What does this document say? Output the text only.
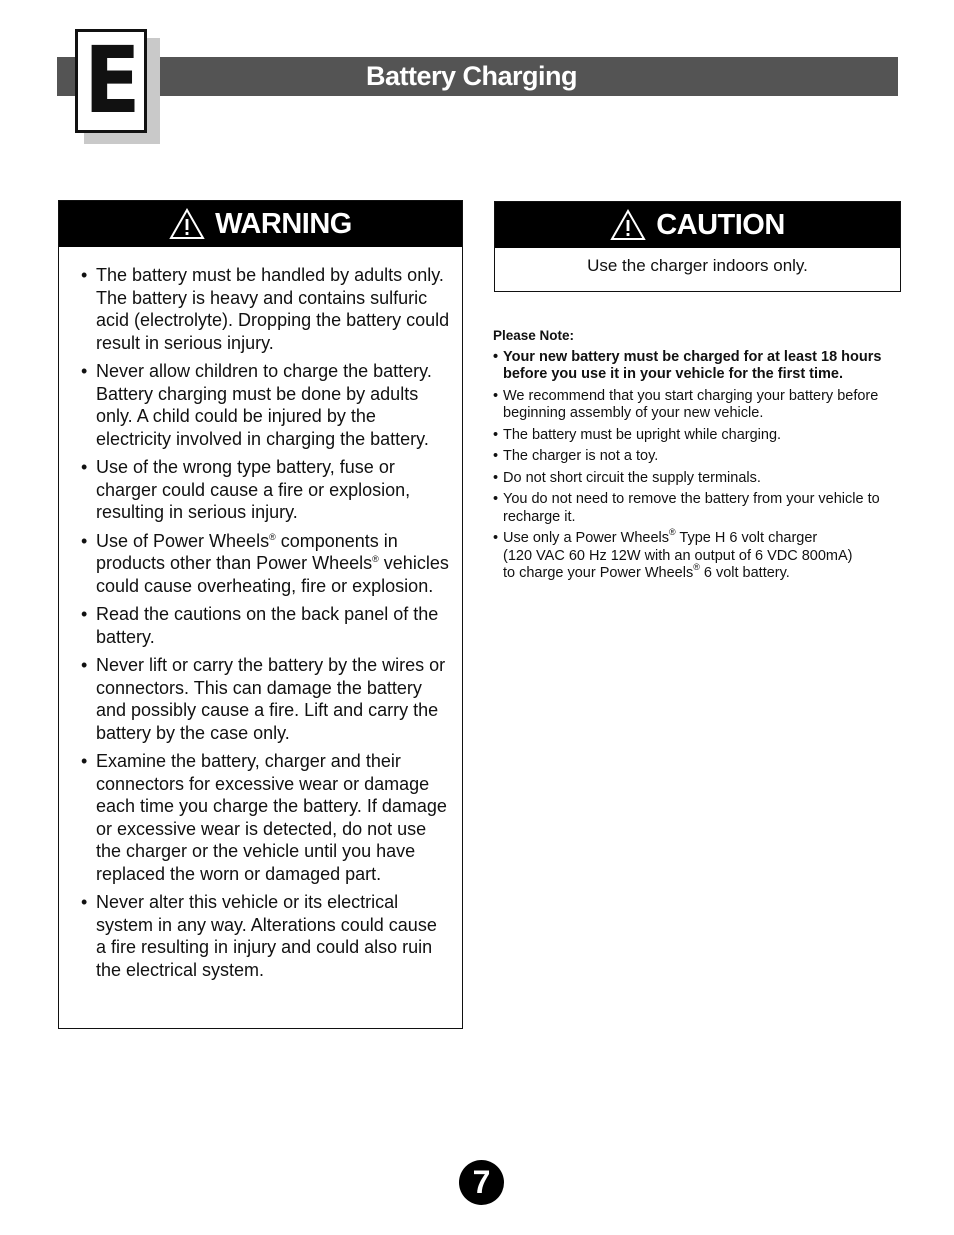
E	Battery Charging
WARNING
• The battery must be handled by adults only. The battery is heavy and contains sulfuric acid (electrolyte). Dropping the battery could result in serious injury.
• Never allow children to charge the battery. Battery charging must be done by adults only. A child could be injured by the electricity involved in charging the battery.
• Use of the wrong type battery, fuse or charger could cause a fire or explosion, resulting in serious injury.
• Use of Power Wheels® components in products other than Power Wheels® vehicles could cause overheating, fire or explosion.
• Read the cautions on the back panel of the battery.
• Never lift or carry the battery by the wires or connectors. This can damage the battery and possibly cause a fire. Lift and carry the battery by the case only.
• Examine the battery, charger and their connectors for excessive wear or damage each time you charge the battery. If damage or excessive wear is detected, do not use the charger or the vehicle until you have replaced the worn or damaged part.
• Never alter this vehicle or its electrical system in any way. Alterations could cause a fire resulting in injury and could also ruin the electrical system.
CAUTION
Use the charger indoors only.
Please Note:
• Your new battery must be charged for at least 18 hours before you use it in your vehicle for the first time.
• We recommend that you start charging your battery before beginning assembly of your new vehicle.
• The battery must be upright while charging.
• The charger is not a toy.
• Do not short circuit the supply terminals.
• You do not need to remove the battery from your vehicle to recharge it.
• Use only a Power Wheels® Type H 6 volt charger
(120 VAC 60 Hz 12W with an output of 6 VDC 800mA)
to charge your Power Wheels® 6 volt battery.
7
